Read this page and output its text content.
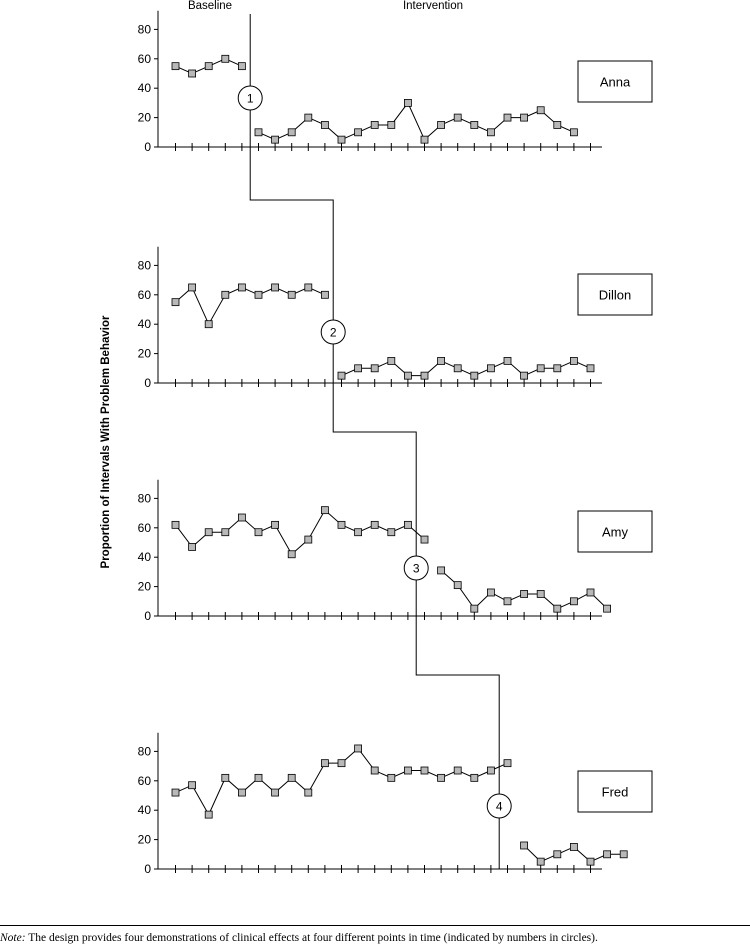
Baseline	Intervention
Proportion of Intervals With Problem Behavior
0
20
40
60
80
Anna
0
20
40
60
80
Dillon
0
20
40
60
80
Amy
0
20
40
60
80
Fred
1
2
3
4
Note: The design provides four demonstrations of clinical effects at four different points in time (indicated by numbers in circles).
